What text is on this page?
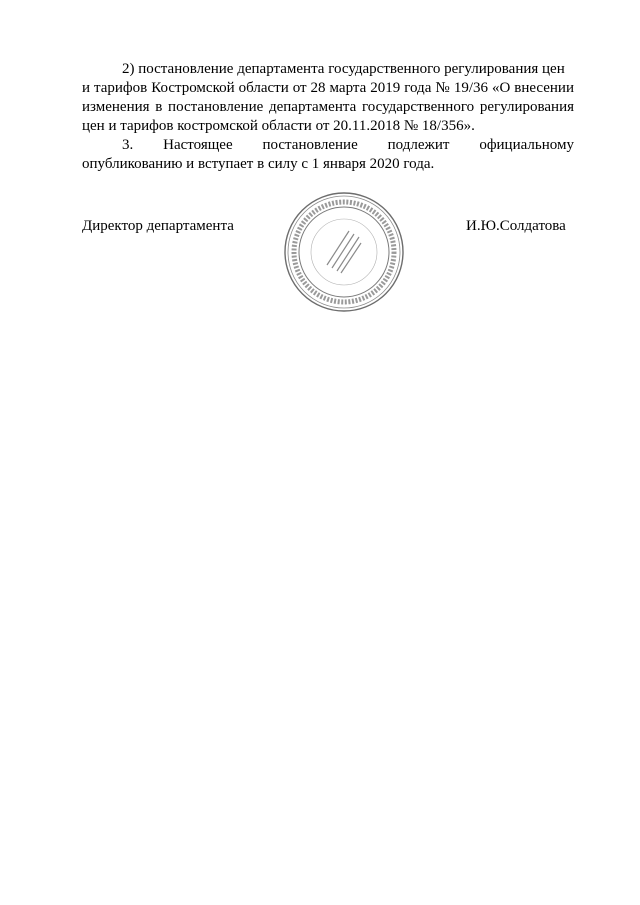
2) постановление департамента государственного регулирования цен

и тарифов Костромской области от 28 марта 2019 года № 19/36 «О внесении изменения в постановление департамента государственного регулирования цен и тарифов костромской области от 20.11.2018 № 18/356».

3. Настоящее постановление подлежит официальному

опубликованию и вступает в силу с 1 января 2020 года.

Директор департамента	И.Ю.Солдатова
